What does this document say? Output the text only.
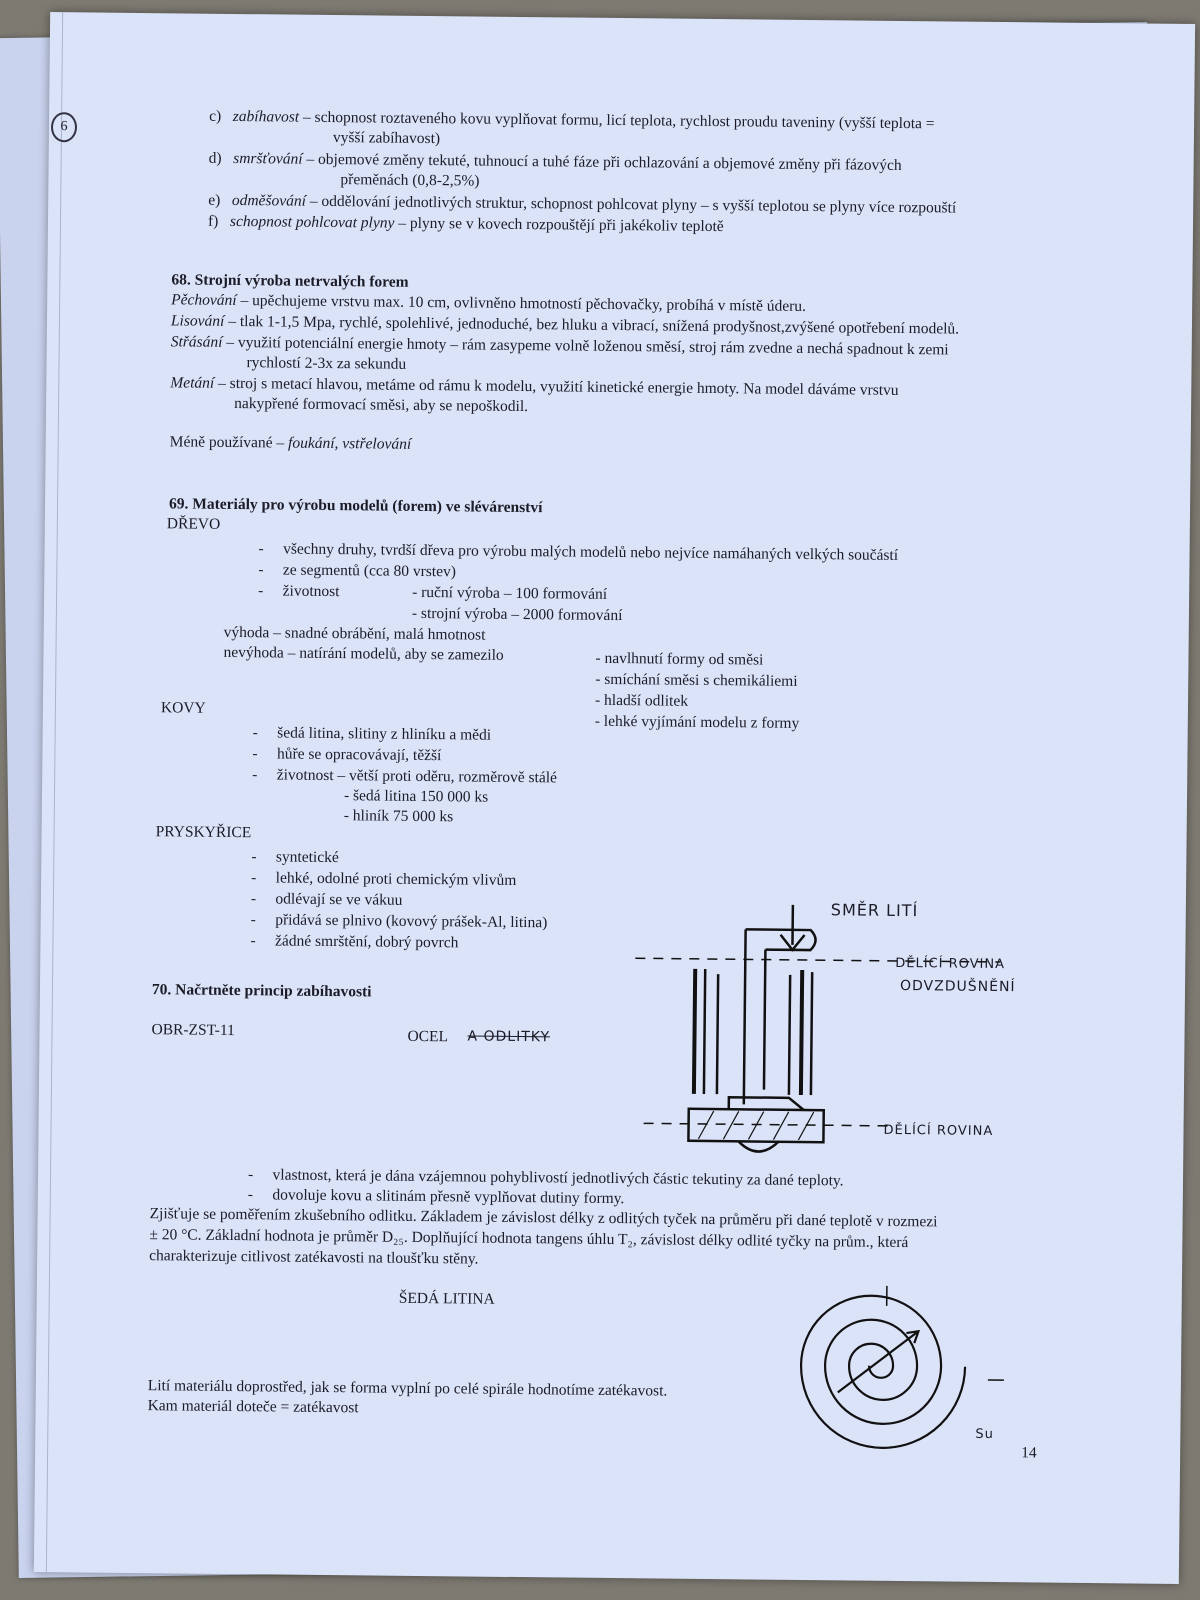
6
c) zabíhavost – schopnost roztaveného kovu vyplňovat formu, licí teplota, rychlost proudu taveniny (vyšší teplota =
vyšší zabíhavost)
d) smršťování – objemové změny tekuté, tuhnoucí a tuhé fáze při ochlazování a objemové změny při fázových
přeměnách (0,8-2,5%)
e) odměšování – oddělování jednotlivých struktur, schopnost pohlcovat plyny – s vyšší teplotou se plyny více rozpouští
f) schopnost pohlcovat plyny – plyny se v kovech rozpouštějí při jakékoliv teplotě
68. Strojní výroba netrvalých forem
Pěchování – upěchujeme vrstvu max. 10 cm, ovlivněno hmotností pěchovačky, probíhá v místě úderu.
Lisování – tlak 1-1,5 Mpa, rychlé, spolehlivé, jednoduché, bez hluku a vibrací, snížená prodyšnost,zvýšené opotřebení modelů.
Střásání – využití potenciální energie hmoty – rám zasypeme volně loženou směsí, stroj rám zvedne a nechá spadnout k zemi
rychlostí 2-3x za sekundu
Metání – stroj s metací hlavou, metáme od rámu k modelu, využití kinetické energie hmoty. Na model dáváme vrstvu
nakypřené formovací směsi, aby se nepoškodil.
Méně používané – foukání, vstřelování
69. Materiály pro výrobu modelů (forem) ve slévárenství
DŘEVO
-     všechny druhy, tvrdší dřeva pro výrobu malých modelů nebo nejvíce namáhaných velkých součástí
-     ze segmentů (cca 80 vrstev)
-     životnost	- ruční výroba – 100 formování
- strojní výroba – 2000 formování
výhoda – snadné obrábění, malá hmotnost
nevýhoda – natírání modelů, aby se zamezilo	- navlhnutí formy od směsi
- smíchání směsi s chemikáliemi
- hladší odlitek
- lehké vyjímání modelu z formy
KOVY
-     šedá litina, slitiny z hliníku a mědi
-     hůře se opracovávají, těžší
-     životnost – větší proti oděru, rozměrově stálé
- šedá litina 150 000 ks
- hliník 75 000 ks
PRYSKYŘICE
-     syntetické
-     lehké, odolné proti chemickým vlivům
-     odlévají se ve vákuu
-     přidává se plnivo (kovový prášek-Al, litina)
-     žádné smrštění, dobrý povrch
70. Načrtněte princip zabíhavosti
OBR-ZST-11	OCEL A ODLITKY
SMĚR LITÍ
DĚLÍCÍ ROVINA
ODVZDUŠNĚNÍ
DĚLÍCÍ ROVINA
-     vlastnost, která je dána vzájemnou pohyblivostí jednotlivých částic tekutiny za dané teploty.
-     dovoluje kovu a slitinám přesně vyplňovat dutiny formy.
Zjišťuje se poměřením zkušebního odlitku. Základem je závislost délky z odlitých tyček na průměru při dané teplotě v rozmezi
± 20 °C. Základní hodnota je průměr D₂₅. Doplňující hodnota tangens úhlu T₂, závislost délky odlité tyčky na prům., která
charakterizuje citlivost zatékavosti na tloušťku stěny.
ŠEDÁ LITINA
Su
Lití materiálu doprostřed, jak se forma vyplní po celé spirále hodnotíme zatékavost.
Kam materiál doteče = zatékavost
14
